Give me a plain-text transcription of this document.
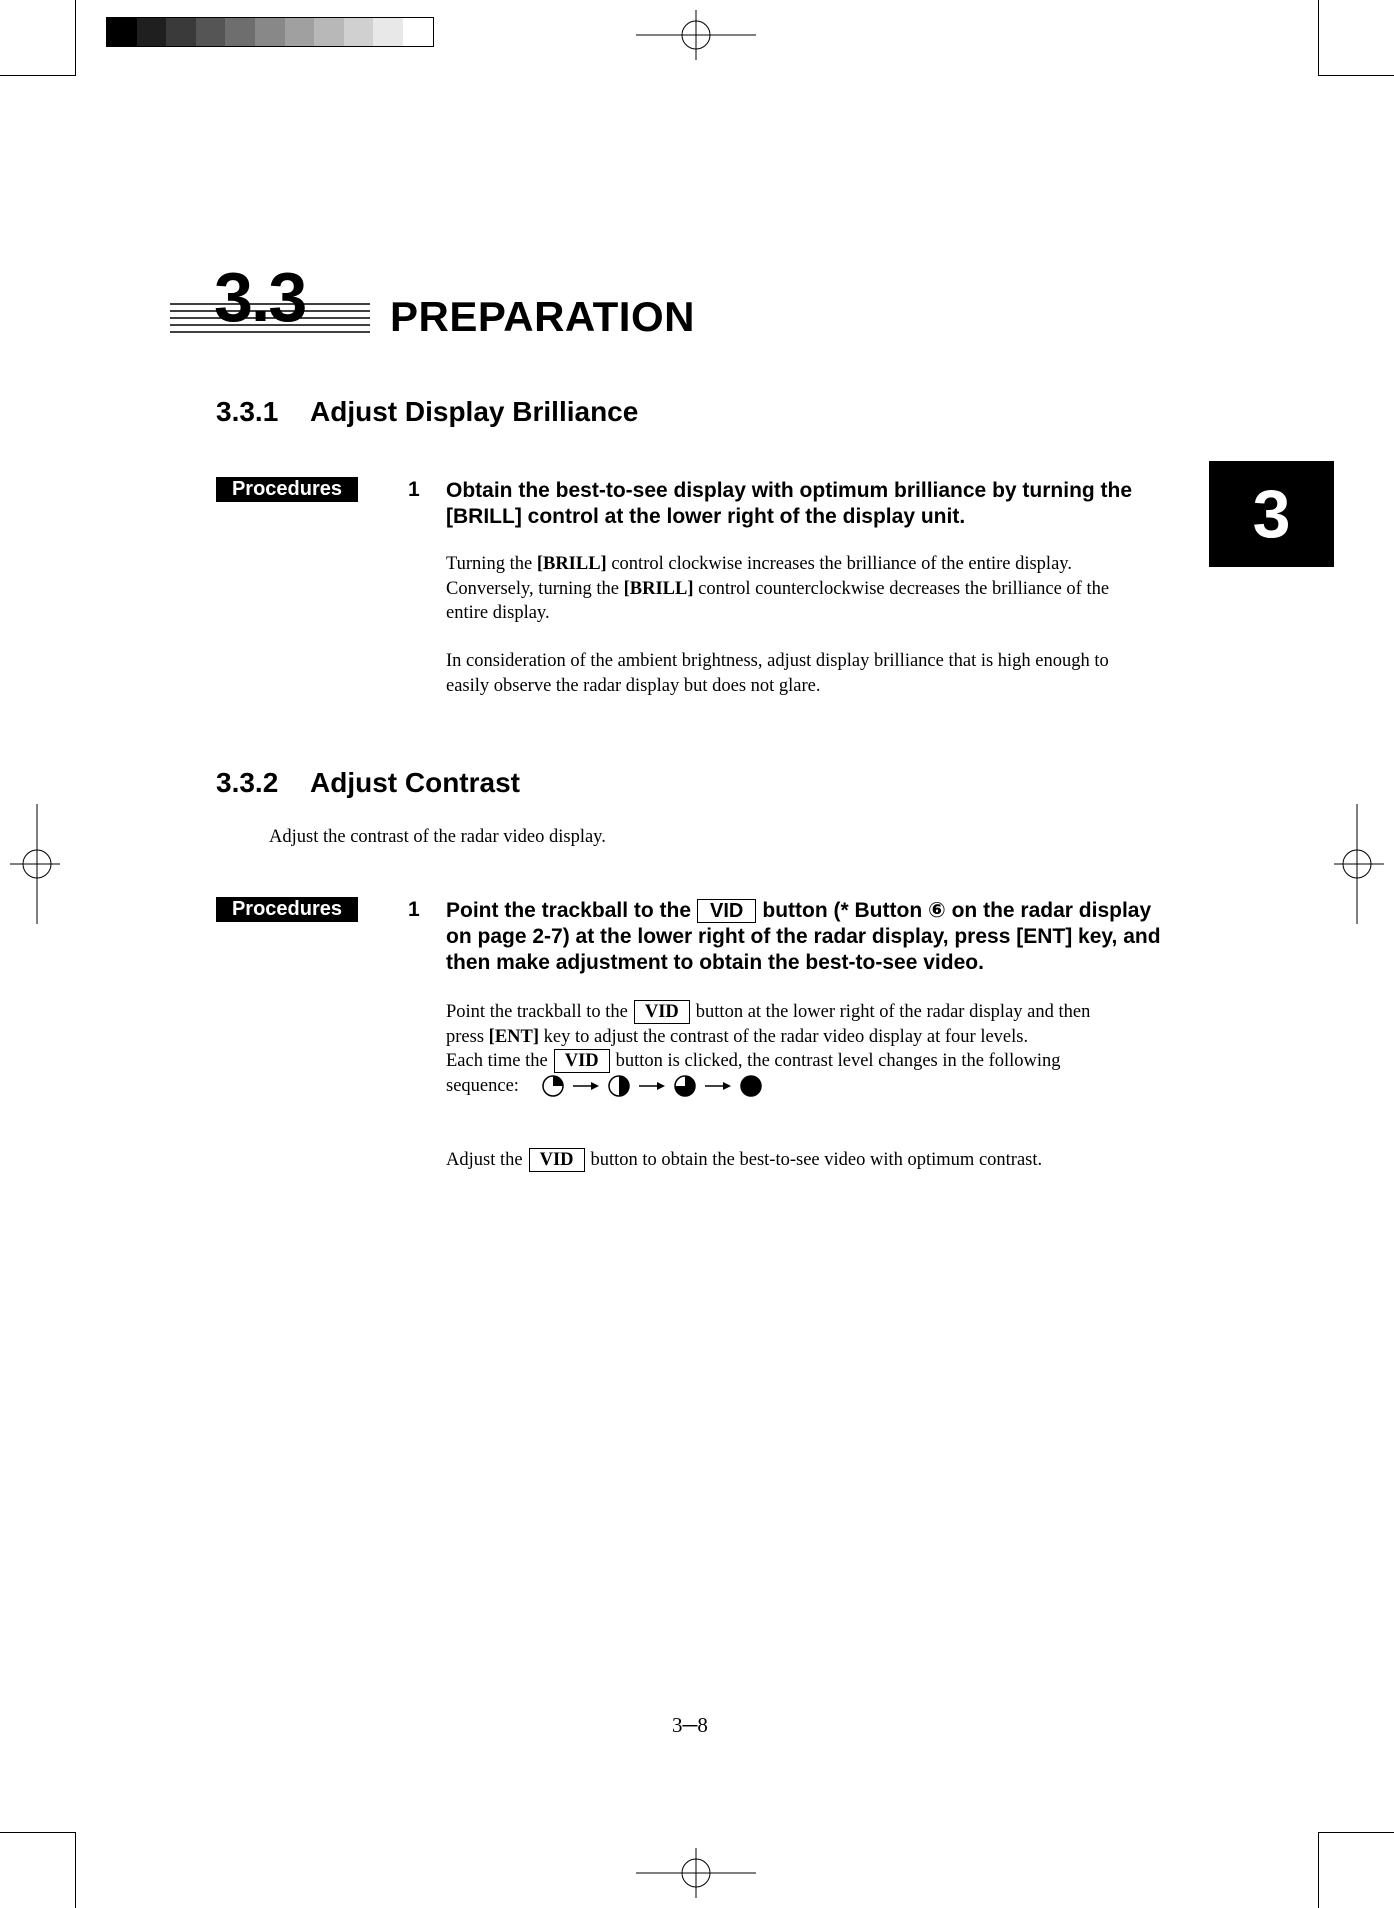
3.3 PREPARATION
3
3.3.1 Adjust Display Brilliance
Procedures	1 Obtain the best-to-see display with optimum brilliance by turning the
[BRILL] control at the lower right of the display unit.
Turning the [BRILL] control clockwise increases the brilliance of the entire display.
Conversely, turning the [BRILL] control counterclockwise decreases the brilliance of the
entire display.
In consideration of the ambient brightness, adjust display brilliance that is high enough to
easily observe the radar display but does not glare.
3.3.2 Adjust Contrast
Adjust the contrast of the radar video display.
Procedures	1 Point the trackball to the VID button (* Button ⑥ on the radar display
on page 2-7) at the lower right of the radar display, press [ENT] key, and
then make adjustment to obtain the best-to-see video.
Point the trackball to the VID button at the lower right of the radar display and then
press [ENT] key to adjust the contrast of the radar video display at four levels.
Each time the VID button is clicked, the contrast level changes in the following
sequence:
Adjust the VID button to obtain the best-to-see video with optimum contrast.
3─8
